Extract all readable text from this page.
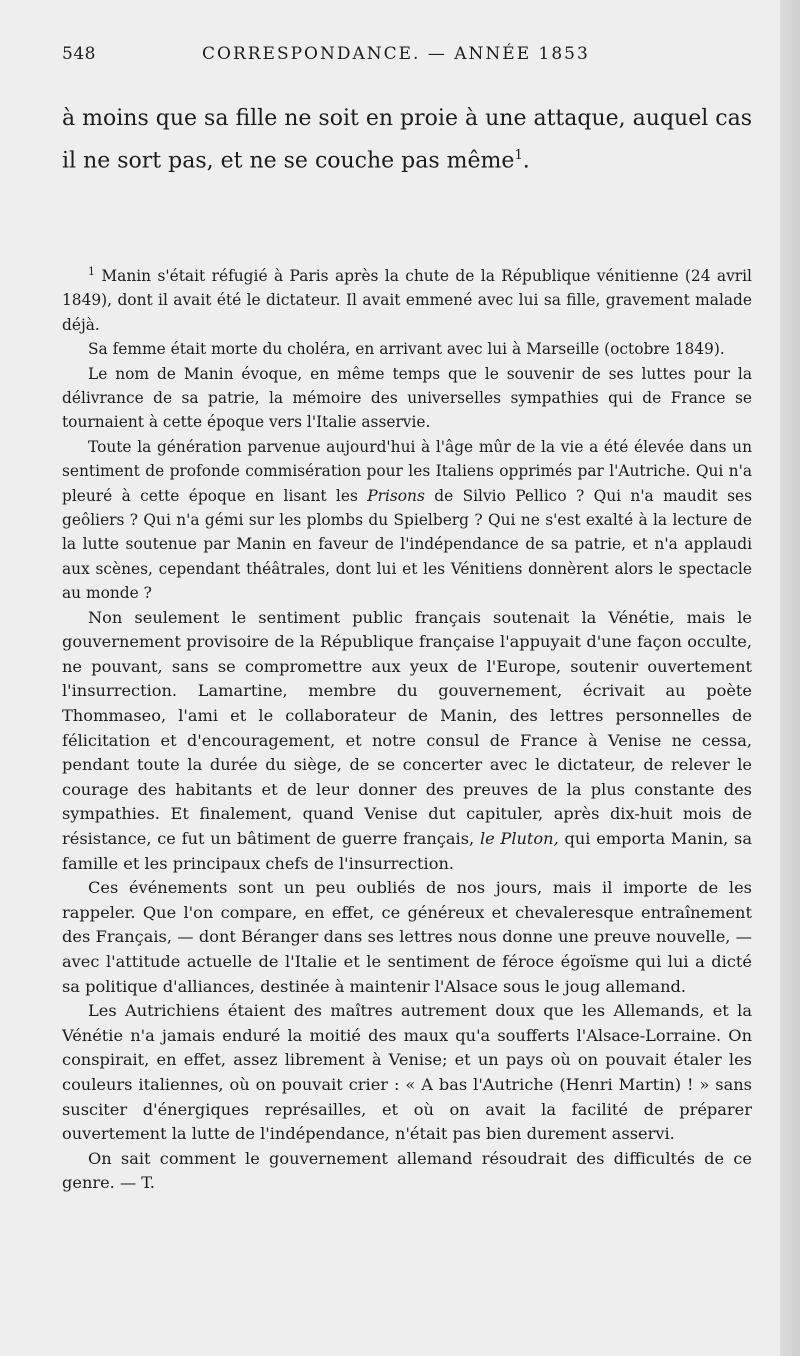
548	CORRESPONDANCE. — ANNÉE 1853
à moins que sa fille ne soit en proie à une attaque, auquel cas il ne sort pas, et ne se couche pas même$^1$.

$^1$ Manin s'était réfugié à Paris après la chute de la République vénitienne (24 avril 1849), dont il avait été le dictateur. Il avait emmené avec lui sa fille, gravement malade déjà.

Sa femme était morte du choléra, en arrivant avec lui à Marseille (octobre 1849).

Le nom de Manin évoque, en même temps que le souvenir de ses luttes pour la délivrance de sa patrie, la mémoire des universelles sympathies qui de France se tournaient à cette époque vers l'Italie asservie.

Toute la génération parvenue aujourd'hui à l'âge mûr de la vie a été élevée dans un sentiment de profonde commisération pour les Italiens opprimés par l'Autriche. Qui n'a pleuré à cette époque en lisant les Prisons de Silvio Pellico ? Qui n'a maudit ses geôliers ? Qui n'a gémi sur les plombs du Spielberg ? Qui ne s'est exalté à la lecture de la lutte soutenue par Manin en faveur de l'indépendance de sa patrie, et n'a applaudi aux scènes, cependant théâtrales, dont lui et les Vénitiens donnèrent alors le spectacle au monde ?

Non seulement le sentiment public français soutenait la Vénétie, mais le gouvernement provisoire de la République française l'appuyait d'une façon occulte, ne pouvant, sans se compromettre aux yeux de l'Europe, soutenir ouvertement l'insurrection. Lamartine, membre du gouvernement, écrivait au poète Thommaseo, l'ami et le collaborateur de Manin, des lettres personnelles de félicitation et d'encouragement, et notre consul de France à Venise ne cessa, pendant toute la durée du siège, de se concerter avec le dictateur, de relever le courage des habitants et de leur donner des preuves de la plus constante des sympathies. Et finalement, quand Venise dut capituler, après dix-huit mois de résistance, ce fut un bâtiment de guerre français, le Pluton, qui emporta Manin, sa famille et les principaux chefs de l'insurrection.

Ces événements sont un peu oubliés de nos jours, mais il importe de les rappeler. Que l'on compare, en effet, ce généreux et chevaleresque entraînement des Français, — dont Béranger dans ses lettres nous donne une preuve nouvelle, — avec l'attitude actuelle de l'Italie et le sentiment de féroce égoïsme qui lui a dicté sa politique d'alliances, destinée à maintenir l'Alsace sous le joug allemand.

Les Autrichiens étaient des maîtres autrement doux que les Allemands, et la Vénétie n'a jamais enduré la moitié des maux qu'a soufferts l'Alsace-Lorraine. On conspirait, en effet, assez librement à Venise; et un pays où on pouvait étaler les couleurs italiennes, où on pouvait crier : « A bas l'Autriche (Henri Martin) ! » sans susciter d'énergiques représailles, et où on avait la facilité de préparer ouvertement la lutte de l'indépendance, n'était pas bien durement asservi.

On sait comment le gouvernement allemand résoudrait des difficultés de ce genre. — T.
